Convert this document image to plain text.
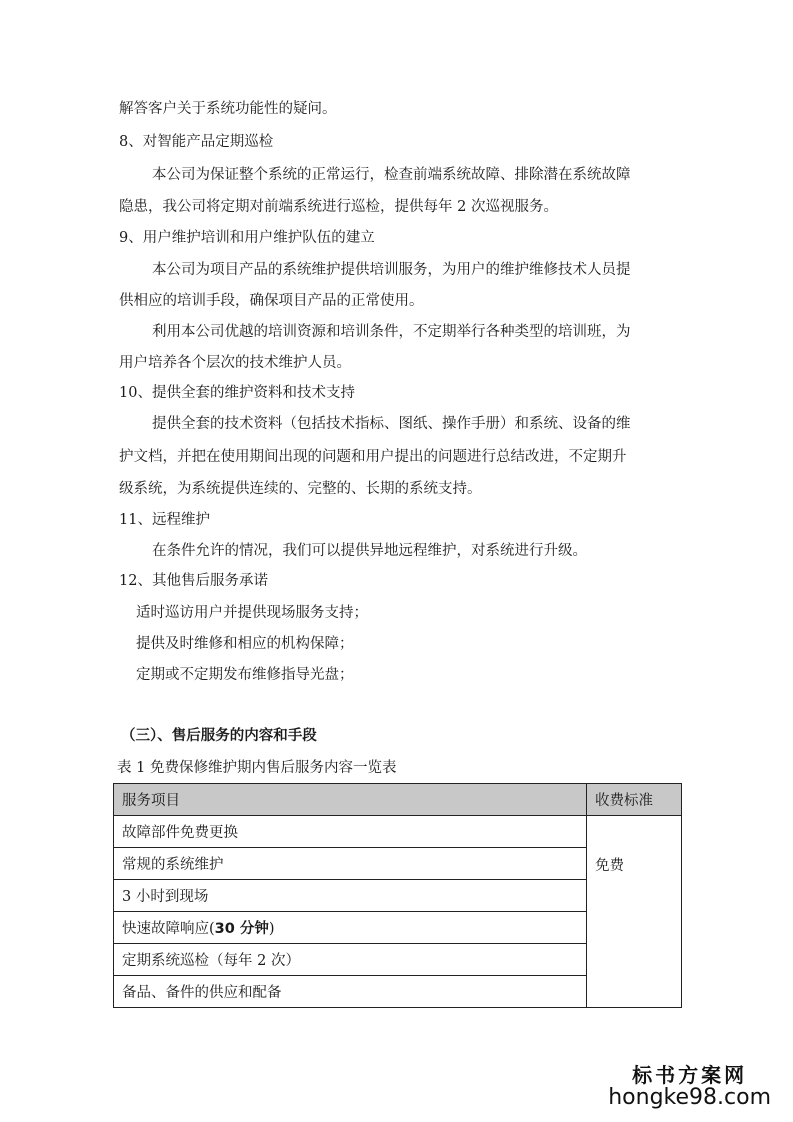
解答客户关于系统功能性的疑问。
8、对智能产品定期巡检
本公司为保证整个系统的正常运行，检查前端系统故障、排除潜在系统故障
隐患，我公司将定期对前端系统进行巡检，提供每年 2 次巡视服务。
9、用户维护培训和用户维护队伍的建立
本公司为项目产品的系统维护提供培训服务，为用户的维护维修技术人员提
供相应的培训手段，确保项目产品的正常使用。
利用本公司优越的培训资源和培训条件，不定期举行各种类型的培训班，为
用户培养各个层次的技术维护人员。
10、提供全套的维护资料和技术支持
提供全套的技术资料（包括技术指标、图纸、操作手册）和系统、设备的维
护文档，并把在使用期间出现的问题和用户提出的问题进行总结改进，不定期升
级系统，为系统提供连续的、完整的、长期的系统支持。
11、远程维护
在条件允许的情况，我们可以提供异地远程维护，对系统进行升级。
12、其他售后服务承诺
适时巡访用户并提供现场服务支持；
提供及时维修和相应的机构保障；
定期或不定期发布维修指导光盘；
（三）、售后服务的内容和手段
表 1 免费保修维护期内售后服务内容一览表
服务项目	收费标准
故障部件免费更换	免费
常规的系统维护	
3 小时到现场	
快速故障响应(30 分钟)	
定期系统巡检（每年 2 次）	
备品、备件的供应和配备	
标书方案网
hongke98.com
